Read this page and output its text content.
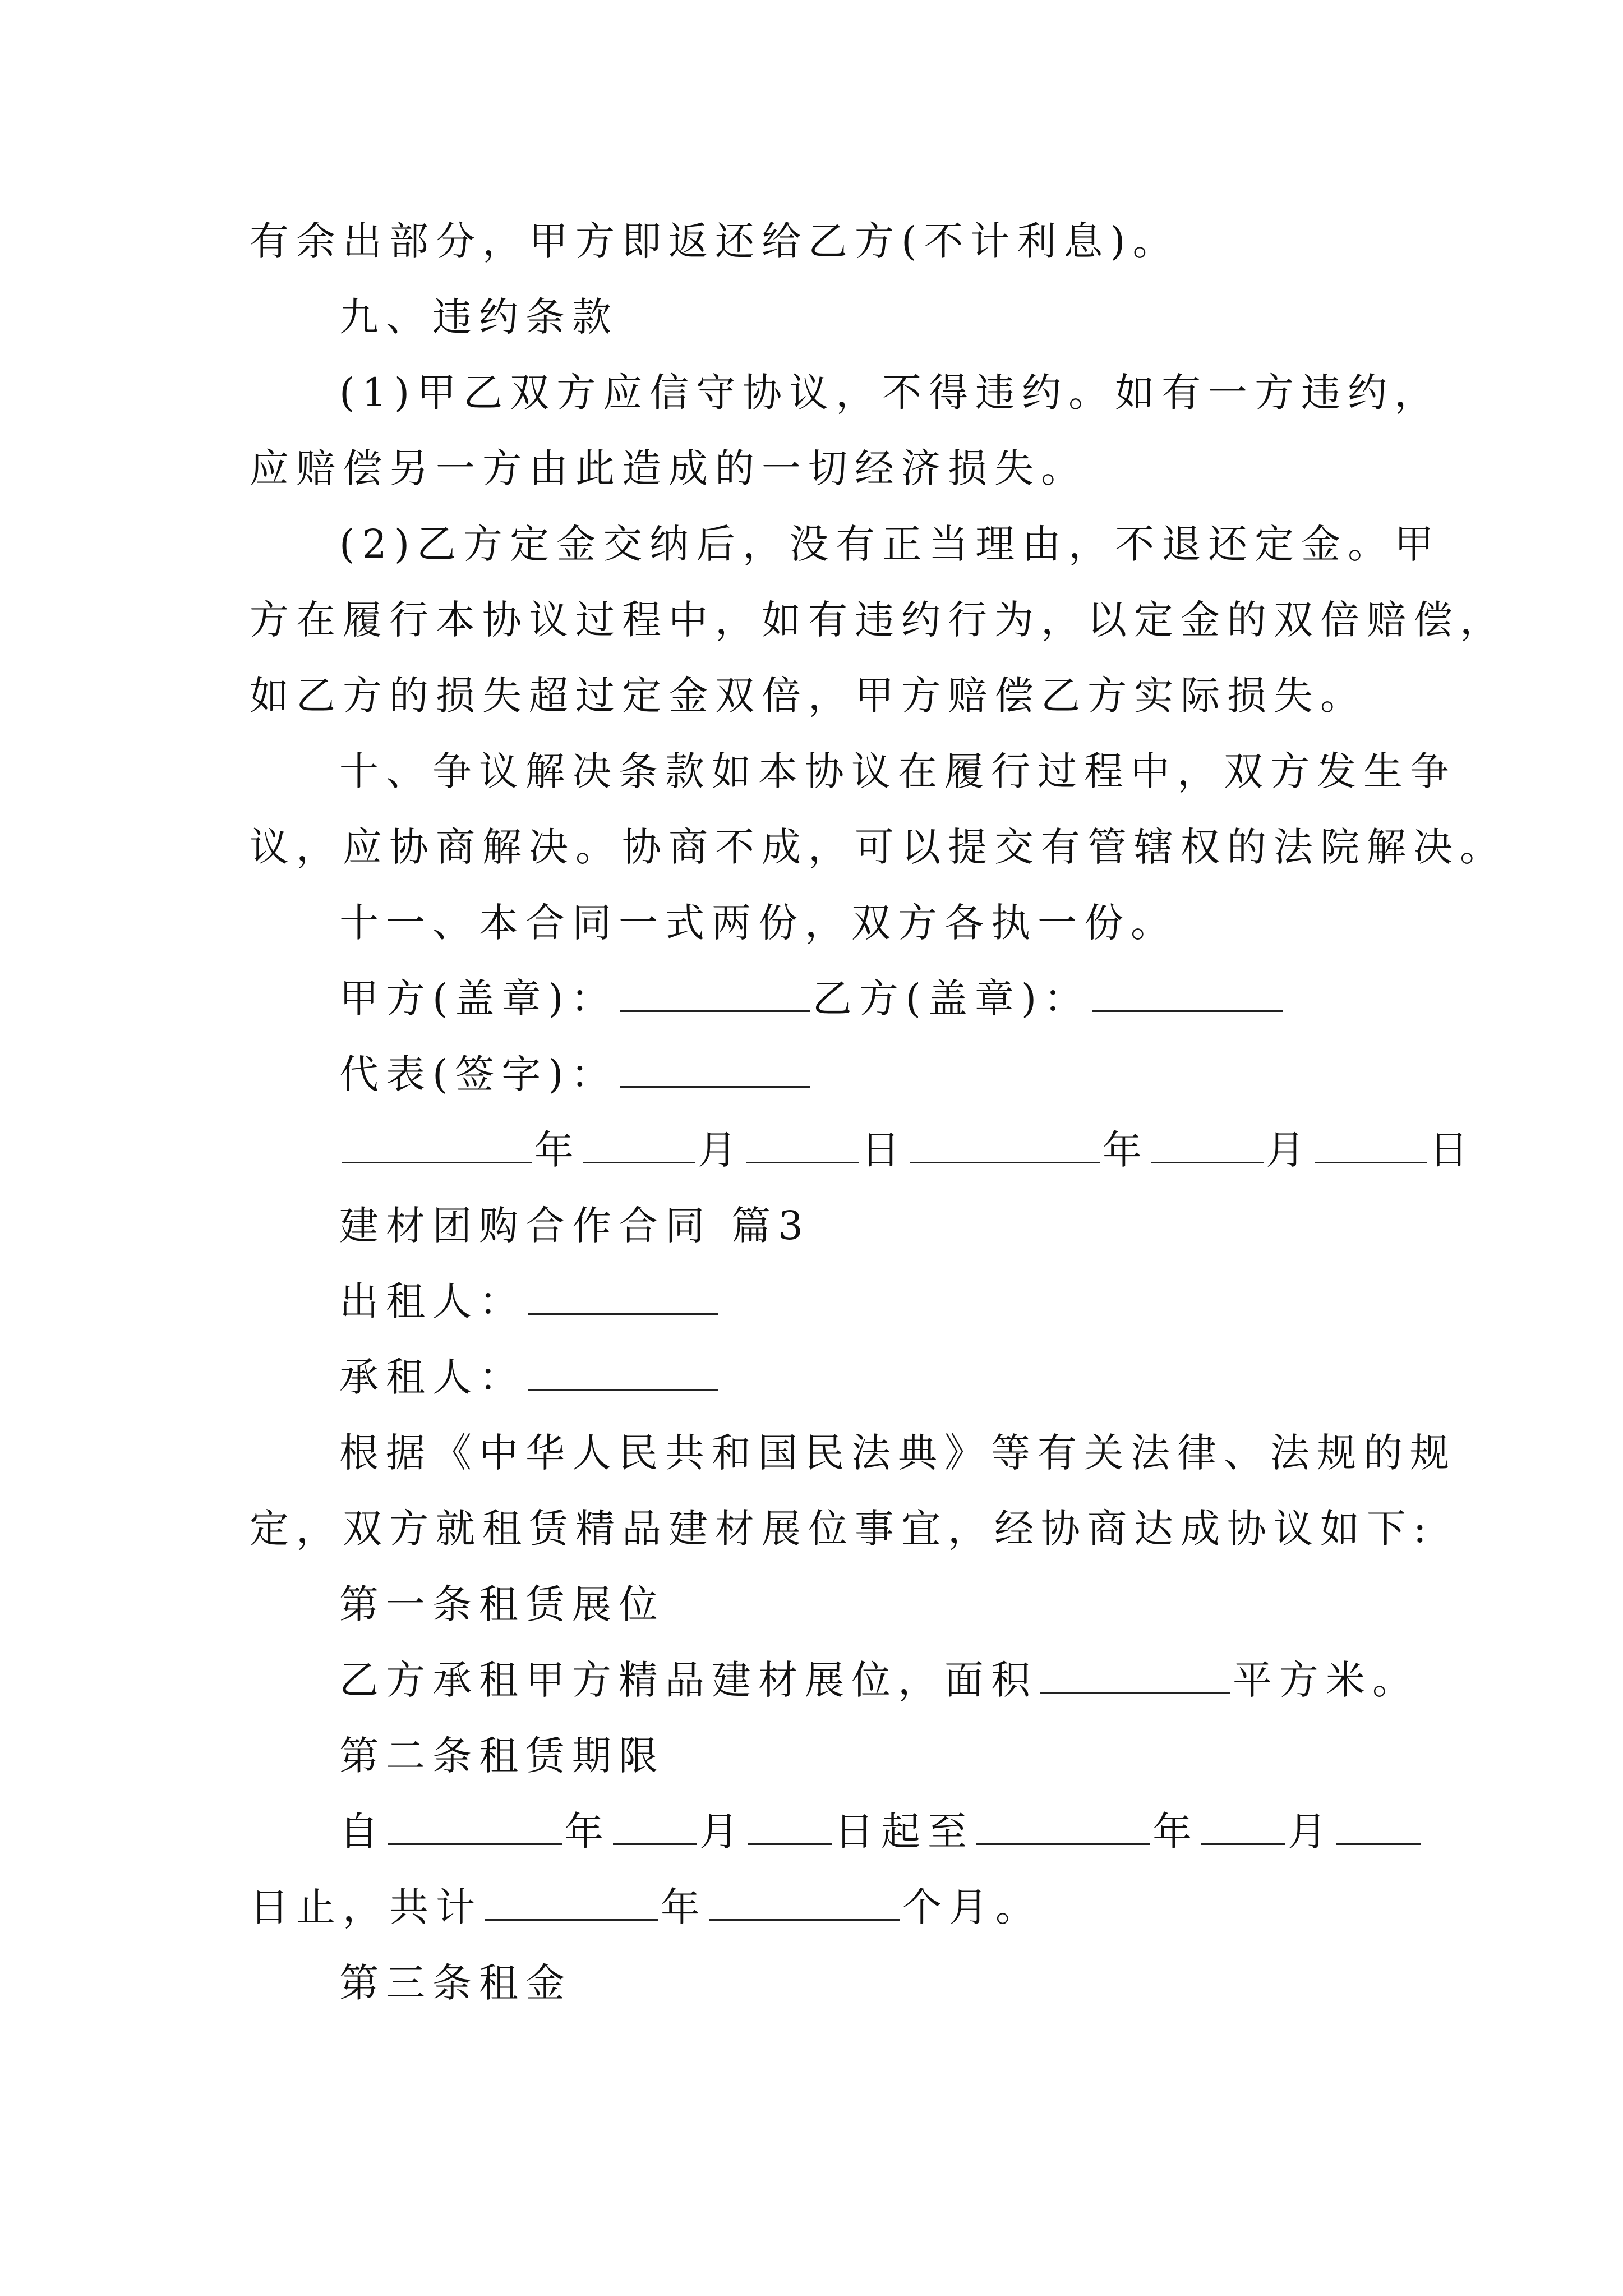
有余出部分，甲方即返还给乙方(不计利息)。
九、违约条款
(1)甲乙双方应信守协议，不得违约。如有一方违约，
应赔偿另一方由此造成的一切经济损失。
(2)乙方定金交纳后，没有正当理由，不退还定金。甲
方在履行本协议过程中，如有违约行为，以定金的双倍赔偿，
如乙方的损失超过定金双倍，甲方赔偿乙方实际损失。
十、争议解决条款如本协议在履行过程中，双方发生争
议，应协商解决。协商不成，可以提交有管辖权的法院解决。
十一、本合同一式两份，双方各执一份。
甲方(盖章)：	乙方(盖章)：
代表(签字)：
年	月	日	年	月	日
建材团购合作合同 篇3
出租人：
承租人：
根据《中华人民共和国民法典》等有关法律、法规的规
定，双方就租赁精品建材展位事宜，经协商达成协议如下:
第一条租赁展位
乙方承租甲方精品建材展位，面积	平方米。
第二条租赁期限
自	年 月 日起至	年 月
日止，共计	年	个月。
第三条租金
